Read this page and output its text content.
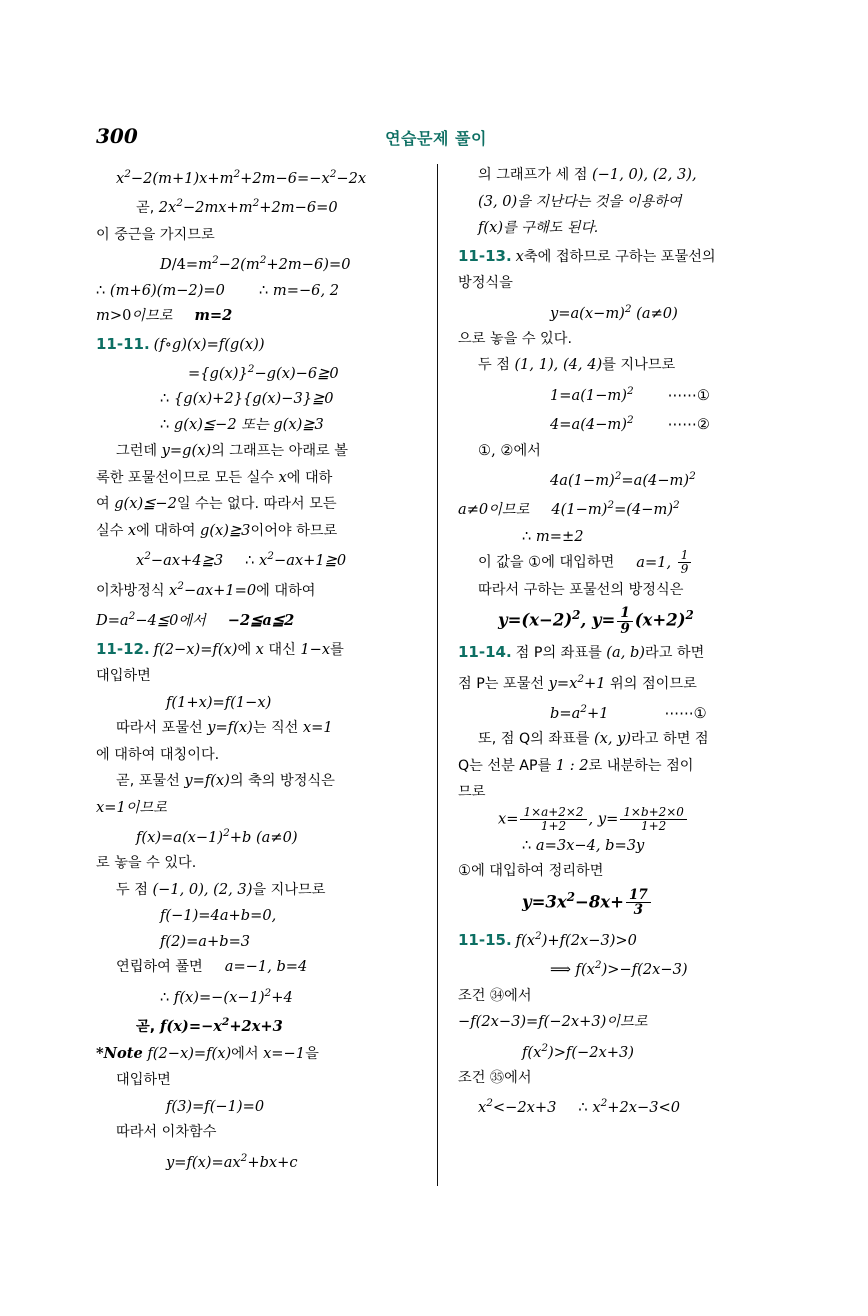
300	연습문제 풀이
$x^2-2(m+1)x+m^2+2m-6=-x^2-2x$
곧, $2x^2-2mx+m^2+2m-6=0$
이 중근을 가지므로
$D/4=m^2-2(m^2+2m-6)=0$
∴ (m+6)(m−2)=0 ∴ m=−6, 2
m>0이므로 m=2
11-11. (f∘g)(x)=f(g(x))
$=\{g(x)\}^2-g(x)-6≧0$
∴ {g(x)+2}{g(x)−3}≧0
∴ g(x)≦−2 또는 g(x)≧3
그런데 y=g(x)의 그래프는 아래로 볼
록한 포물선이므로 모든 실수 x에 대하
여 g(x)≦−2일 수는 없다. 따라서 모든
실수 x에 대하여 g(x)≧3이어야 하므로
$x^2-ax+4≧3$ ∴ $x^2-ax+1≧0$
이차방정식 $x^2-ax+1=0$에 대하여
$D=a^2-4≦0$에서 −2≦a≦2
11-12. f(2−x)=f(x)에 x 대신 1−x를
대입하면
f(1+x)=f(1−x)
따라서 포물선 y=f(x)는 직선 x=1
에 대하여 대칭이다.
곧, 포물선 y=f(x)의 축의 방정식은
x=1이므로
$f(x)=a(x-1)^2+b$ (a≠0)
로 놓을 수 있다.
두 점 (−1, 0), (2, 3)을 지나므로
f(−1)=4a+b=0,
f(2)=a+b=3
연립하여 풀면 a=−1, b=4
∴ $f(x)=-(x-1)^2+4$
곧, $f(x)=-x^2+2x+3$
*Note f(2−x)=f(x)에서 x=−1을
대입하면
f(3)=f(−1)=0
따라서 이차함수
$y=f(x)=ax^2+bx+c$
의 그래프가 세 점 (−1, 0), (2, 3),
(3, 0)을 지난다는 것을 이용하여
f(x)를 구해도 된다.
11-13. x축에 접하므로 구하는 포물선의
방정식을
$y=a(x-m)^2$ (a≠0)
으로 놓을 수 있다.
두 점 (1, 1), (4, 4)를 지나므로
$1=a(1-m)^2$ ⋯⋯①
$4=a(4-m)^2$ ⋯⋯②
①, ②에서
$4a(1-m)^2=a(4-m)^2$
a≠0이므로 $4(1-m)^2=(4-m)^2$
∴ m=±2
이 값을 ①에 대입하면 a=1, $\frac{1}{9}$
따라서 구하는 포물선의 방정식은
$y=(x-2)^2$, $y= \frac{1}{9} (x+2)^2$
11-14. 점 P의 좌표를 (a, b)라고 하면
점 P는 포물선 $y=x^2+1$ 위의 점이므로
$b=a^2+1$	⋯⋯①
또, 점 Q의 좌표를 (x, y)라고 하면 점
Q는 선분 AP를 1 : 2로 내분하는 점이
므로
$x= \frac{1\times a+2\times 2}{1+2}$ , $y= \frac{1\times b+2\times 0}{1+2}$
∴ a=3x−4, b=3y
①에 대입하여 정리하면
$y=3x^2-8x+ \frac{17}{3}$
11-15. $f(x^2)+f(2x-3)>0$
⟹ $f(x^2)>-f(2x-3)$
조건 ㉞에서
−f(2x−3)=f(−2x+3)이므로
$f(x^2)>f(-2x+3)$
조건 ㉟에서
$x^2<-2x+3$ ∴ $x^2+2x-3<0$
